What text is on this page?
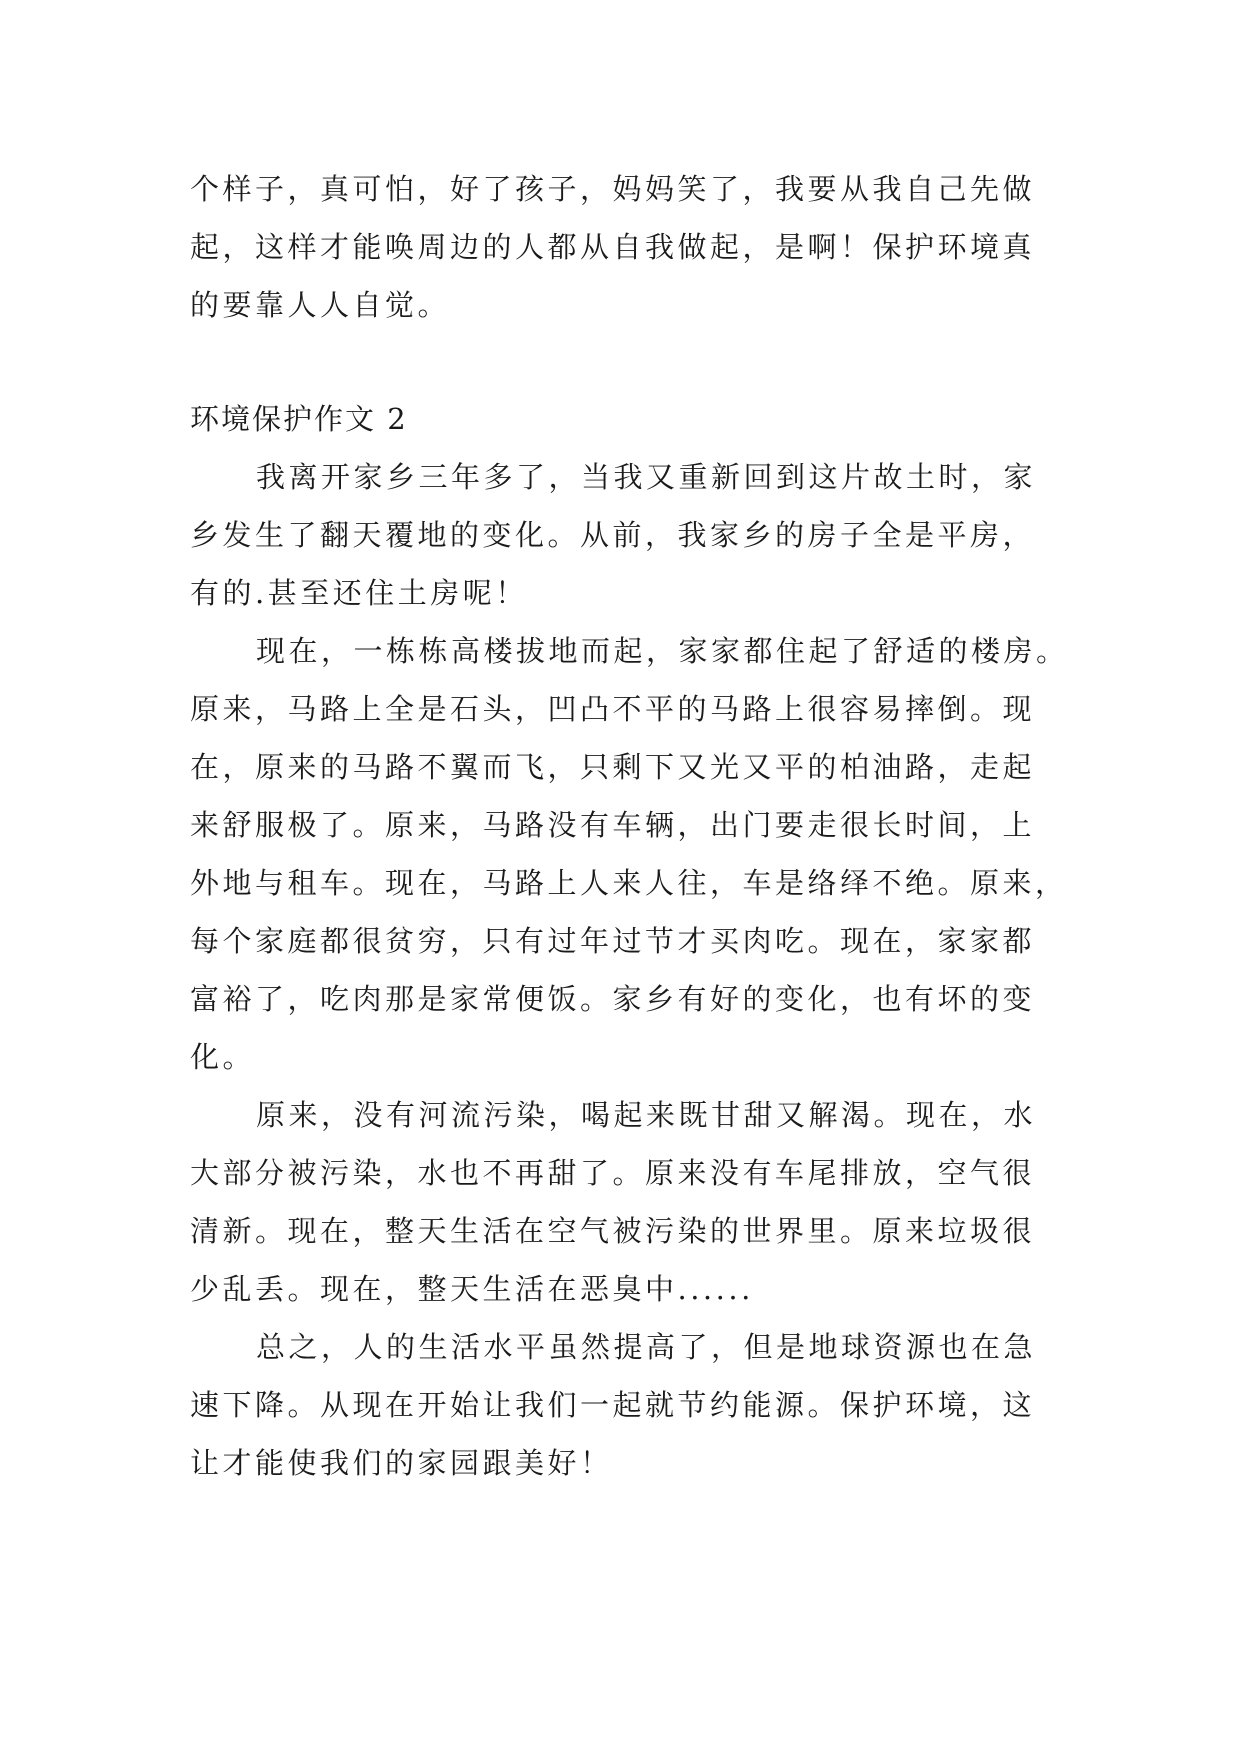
个样子，真可怕，好了孩子，妈妈笑了，我要从我自己先做
起，这样才能唤周边的人都从自我做起，是啊！保护环境真
的要靠人人自觉。
环境保护作文 2
我离开家乡三年多了，当我又重新回到这片故土时，家
乡发生了翻天覆地的变化。从前，我家乡的房子全是平房，
有的.甚至还住土房呢！
现在，一栋栋高楼拔地而起，家家都住起了舒适的楼房。
原来，马路上全是石头，凹凸不平的马路上很容易摔倒。现
在，原来的马路不翼而飞，只剩下又光又平的柏油路，走起
来舒服极了。原来，马路没有车辆，出门要走很长时间，上
外地与租车。现在，马路上人来人往，车是络绎不绝。原来，
每个家庭都很贫穷，只有过年过节才买肉吃。现在，家家都
富裕了，吃肉那是家常便饭。家乡有好的变化，也有坏的变
化。
原来，没有河流污染，喝起来既甘甜又解渴。现在，水
大部分被污染，水也不再甜了。原来没有车尾排放，空气很
清新。现在，整天生活在空气被污染的世界里。原来垃圾很
少乱丢。现在，整天生活在恶臭中......
总之，人的生活水平虽然提高了，但是地球资源也在急
速下降。从现在开始让我们一起就节约能源。保护环境，这
让才能使我们的家园跟美好！
